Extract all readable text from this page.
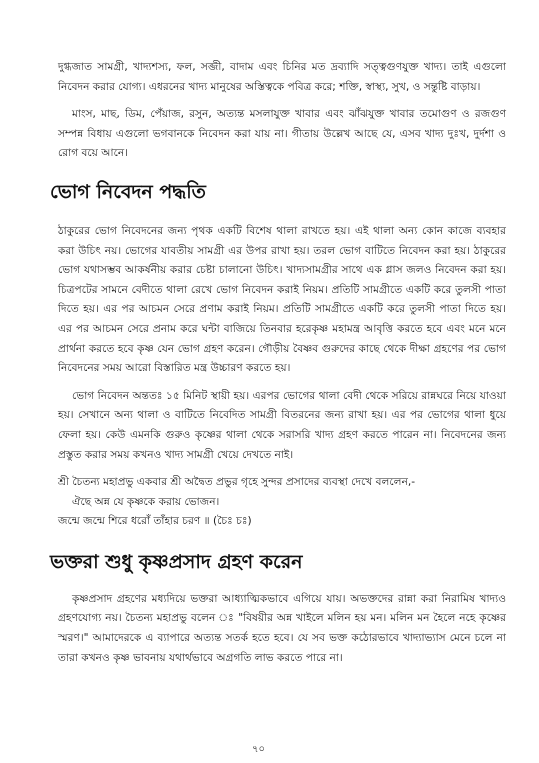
দুগ্ধজাত সামগ্রী, খাদ্যশস্য, ফল, সব্জী, বাদাম এবং চিনির মত দ্রব্যাদি সত্ত্বগুণযুক্ত খাদ্য। তাই এগুলো নিবেদন করার যোগ্য। এধরনের খাদ্য মানুষের অস্তিত্বকে পবিত্র করে; শক্তি, স্বাস্থ্য, সুখ, ও সন্তুষ্টি বাড়ায়।

মাংস, মাছ, ডিম, পেঁয়াজ, রসুন, অত্যন্ত মসলাযুক্ত খাবার এবং ঝাঁঝযুক্ত খাবার তমোগুণ ও রজগুণ সম্পন্ন বিধায় এগুলো ভগবানকে নিবেদন করা যায় না। গীতায় উল্লেখ আছে যে, এসব খাদ্য দুঃখ, দুর্দশা ও রোগ বয়ে আনে।

ভোগ নিবেদন পদ্ধতি

ঠাকুরের ভোগ নিবেদনের জন্য পৃথক একটি বিশেষ থালা রাখতে হয়। এই থালা অন্য কোন কাজে ব্যবহার করা উচিৎ নয়। ভোগের যাবতীয় সামগ্রী এর উপর রাখা হয়। তরল ভোগ বাটিতে নিবেদন করা হয়। ঠাকুরের ভোগ যথাসম্ভব আকর্ষনীয় করার চেষ্টা চালানো উচিৎ। খাদ্যসামগ্রীর সাথে এক গ্লাস জলও নিবেদন করা হয়। চিত্রপটের সামনে বেদীতে থালা রেখে ভোগ নিবেদন করাই নিয়ম। প্রতিটি সামগ্রীতে একটি করে তুলসী পাতা দিতে হয়। এর পর আচমন সেরে প্রণাম করাই নিয়ম। প্রতিটি সামগ্রীতে একটি করে তুলসী পাতা দিতে হয়। এর পর আচমন সেরে প্রনাম করে ঘন্টা বাজিয়ে তিনবার হরেকৃষ্ণ মহামন্ত্র আবৃত্তি করতে হবে এবং মনে মনে প্রার্থনা করতে হবে কৃষ্ণ যেন ভোগ গ্রহণ করেন। গৌড়ীয় বৈষ্ণব গুরুদের কাছে থেকে দীক্ষা গ্রহণের পর ভোগ নিবেদনের সময় আরো বিস্তারিত মন্ত্র উচ্চারণ করতে হয়।

ভোগ নিবেদন অন্ততঃ ১৫ মিনিট স্থায়ী হয়। এরপর ভোগের থালা বেদী থেকে সরিয়ে রান্নঘরে নিয়ে যাওয়া হয়। সেখানে অন্য থালা ও বাটিতে নিবেদিত সামগ্রী বিতরনের জন্য রাখা হয়। এর পর ভোগের থালা ধুয়ে ফেলা হয়। কেউ এমনকি গুরুও কৃষ্ণের থালা থেকে সরাসরি খাদ্য গ্রহণ করতে পারেন না। নিবেদনের জন্য প্রস্তুত করার সময় কখনও খাদ্য সামগ্রী খেয়ে দেখতে নাই।

শ্রী চৈতন্য মহাপ্রভু একবার শ্রী অদ্বৈত প্রভুর গৃহে সুন্দর প্রসাদের ব্যবস্থা দেখে বললেন,-

ঐছে অন্ন যে কৃষ্ণকে করায় ভোজন।

জন্মে জন্মে শিরে ধরোঁ তাঁহার চরণ ॥ (চৈঃ চঃ)

ভক্তরা শুধু কৃষ্ণপ্রসাদ গ্রহণ করেন

কৃষ্ণপ্রসাদ গ্রহণের মধ্যদিয়ে ভক্তরা আধ্যাত্মিকভাবে এগিয়ে যায়। অভক্তদের রান্না করা নিরামিষ খাদ্যও গ্রহণযোগ্য নয়। চৈতন্য মহাপ্রভু বলেন ঃ "বিষয়ীর অন্ন খাইলে মলিন হয় মন। মলিন মন হৈলে নহে কৃষ্ণের স্মরণ।" আমাদেরকে এ ব্যাপারে অত্যন্ত সতর্ক হতে হবে। যে সব ভক্ত কঠোরভাবে খাদ্যাভ্যাস মেনে চলে না তারা কখনও কৃষ্ণ ভাবনায় যথার্থভাবে অগ্রগতি লাভ করতে পারে না।

৭০
